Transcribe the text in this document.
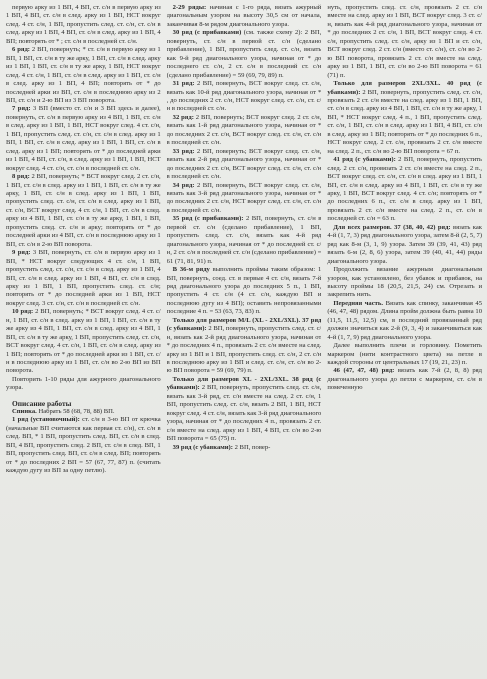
первую арку из 1 ВП, 4 ВП, ст. с/н в первую арку из 1 ВП, 4 ВП, ст. с/н в след. арку из 1 ВП, НСТ вокруг след. 4 ст. с/н, 1 ВП, пропустить след. ст. с/н, ст. с/н в след. арку из 1 ВП, 4 ВП, ст. с/н в след. арку из 1 ВП, 4 ВП; повторять от * ; ст. с/н в последней ст. с/н.

6 ряд: 2 ВП, повернуть; * ст. с/н в первую арку из 1 ВП, 1 ВП, ст. с/н в ту же арку, 1 ВП, ст. с/н в след. арку из 1 ВП, 1 ВП, ст. с/н в ту же арку, 1 ВП, НСТ вокруг след. 4 ст. с/н, 1 ВП, ст. с/н в след. арку из 1 ВП, ст. с/н в след. арку из 1 ВП, 4 ВП; повторять от * до последней арки из ВП, ст. с/н в последнюю арку из 2 ВП, ст. с/н и 2-ю ВП из 3 ВП поворота.

7 ряд: 3 ВП (вместо ст. с/н и 3 ВП здесь и далее), повернуть, ст. с/н в первую арку из 4 ВП, 1 ВП, ст. с/н в след. арку из 1 ВП, 1 ВП, НСТ вокруг след. 4 ст. с/н, 1 ВП, пропустить след. ст. с/н, ст. с/н в след. арку из 1 ВП, 1 ВП, ст. с/н в след. арку из 1 ВП, 1 ВП, ст. с/н в след. арку из 1 ВП; повторять от * до последней арки из 1 ВП, 4 ВП, ст. с/н, в след. арку из 1 ВП, 1 ВП, НСТ вокруг след. 4 ст. с/н, ст. с/н в последней ст. с/н.

8 ряд: 2 ВП, повернуть; * ВСТ вокруг след. 2 ст. с/н, 1 ВП, ст. с/н в след. арку из 1 ВП, 1 ВП, ст. с/н в ту же арку, 1 ВП, ст. с/н в след. арку из 1 ВП, 1 ВП, пропустить след. ст. с/н, ст. с/н в след. арку из 1 ВП, ст. с/н, ВСТ вокруг след. 4 ст. с/н, 1 ВП, ст. с/н в след. арку из 4 ВП, 1 ВП, ст. с/н в ту же арку, 1 ВП, 1 ВП, пропустить след. ст. с/н и арку; повторять от * до последней арки из 4 ВП, ст. с/н в последнюю арку из 1 ВП, ст. с/н в 2-ю ВП поворота.

9 ряд: 3 ВП, повернуть, ст. с/н в первую арку из 1 ВП, * НСТ вокруг следующих 4 ст. с/н, 1 ВП, пропустить след. ст. с/н, ст. с/н в след. арку из 1 ВП, 4 ВП, ст. с/н в след. арку из 1 ВП, 4 ВП, ст. с/н в след. арку из 1 ВП, 1 ВП, пропустить след. ст. с/н; повторять от * до последней арки из 1 ВП, НСТ вокруг след. 3 ст. с/н, ст. с/н в последней ст. с/н.

10 ряд: 2 ВП, повернуть; * ВСТ вокруг след. 4 ст. с/н, 1 ВП, ст. с/н в след. арку из 1 ВП, 1 ВП, ст. с/н в ту же арку из 4 ВП, 1 ВП, ст. с/н в след. арку из 4 ВП, 1 ВП, ст. с/н в ту же арку, 1 ВП, пропустить след. ст. с/н, ВСТ вокруг след. 4 ст. с/н, 1 ВП, ст. с/н в след. арку из 1 ВП; повторять от * до последней арки из 1 ВП, ст. с/н в последнюю арку из 1 ВП, ст. с/н во 2-ю ВП из ВП поворота.

Повторить 1-10 ряды для ажурного диагонального узора.

Описание работы

Спинка. Набрать 58 (68, 78, 88) ВП.

1 ряд (установочный): ст. с/н в 3-ю ВП от крючка (начальные ВП считаются как первая ст. с/н), ст. с/н в след. ВП, * 1 ВП, пропустить след. ВП, ст. с/н в след. ВП, 4 ВП, пропустить след. 2 ВП, ст. с/н в след. ВП, 1 ВП, пропустить след. ВП, ст. с/н в след. ВП; повторять от * до последних 2 ВП = 57 (67, 77, 87) п. (считать каждую дугу из ВП за одну петлю).

2-29 ряды: начиная с 1-го ряда, вязать ажурный диагональным узором на высоту 30,5 см от начала, заканчивая 8-м рядом диагонального узора.

30 ряд (с прибавками) (см. также схему 2): 2 ВП, повернуть, ст. с/н в первой ст. с/н (сделано прибавление), 1 ВП, пропустить след. ст. с/н, вязать как 9-й ряд диагонального узора, начиная от * до последнего ст. с/н, 2 ст. с/н в последний ст. с/н (сделано прибавление) = 59 (69, 79, 89) п.

31 ряд: 2 ВП, повернуть, ВСТ вокруг след. ст. с/н, вязать как 10-й ряд диагонального узора, начиная от * , до последних 2 ст. с/н, НСТ вокруг след. ст. с/н, ст. с/н в последней ст. с/н.

32 ряд: 2 ВП, повернуть; ВСТ вокруг след. 2 ст. с/н, вязать как 1-й ряд диагонального узора, начиная от * до последних 2 ст. с/н, ВСТ вокруг след. ст. с/н, ст. с/н в последней ст. с/н.

33 ряд: 2 ВП, повернуть; ВСТ вокруг след. ст. с/н, вязать как 2-й ряд диагонального узора, начиная от * до последних 2 ст. с/н, ВСТ вокруг след. ст. с/н, ст. с/н в последней ст. с/н.

34 ряд: 2 ВП, повернуть, ВСТ вокруг след. ст. с/н, вязать как 3-й ряд диагонального узора, начиная от * до последних 2 ст. с/н, НСТ вокруг след. ст. с/н, ст. с/н в последней ст. с/н.

35 ряд (с прибавками): 2 ВП, повернуть, ст. с/н в первой ст. с/н (сделано прибавление), 1 ВП, пропустить след. ст. с/н, вязать как 4-й ряд диагонального узора, начиная от * до последней ст. с/н, 2 ст. с/н в последней ст. с/н (сделано прибавление) = 61 (71, 81, 91) п.

В 36-м ряду выполнить проймы таким образом: 1 ВП, повернуть, соед. ст. в первые 4 ст. с/н, вязать 7-й ряд диагонального узора до последних 5 п., 1 ВП, пропустить 4 ст. с/н (4 ст. с/н, каждую ВП и последнюю дугу из 4 ВП); оставить непровязанными последние 4 п. = 53 (63, 73, 83) п.

Только для размеров М/L (XL - 2XL/3XL). 37 ряд (с убавками): 2 ВП, повернуть, пропустить след. ст. с/н, вязать как 2-й ряд диагонального узора, начиная от * до последних 4 п., провязать 2 ст. с/н вместе на след. арку из 1 ВП и 1 ВП, пропустить след. ст. с/н, 2 ст. с/н в последнюю арку из 1 ВП и след. ст. с/н, ст. с/н во 2-ю ВП поворота = 59 (69, 79) п.

Только для размеров XL - 2XL/3XL. 38 ряд (с убавками): 2 ВП, повернуть, пропустить след. ст. с/н, вязать как 3-й ряд, ст. с/н вместе на след. 2 ст. с/н, 1 ВП, пропустить след. ст. с/н, вязать 2 ВП, 1 ВП, НСТ вокруг след. 4 ст. с/н, вязать как 3-й ряд диагонального узора, начиная от * до последних 4 п., провязать 2 ст. с/н вместе на след. арку из 1 ВП, 4 ВП, ст. с/н во 2-ю ВП поворота = 65 (75) п.

39 ряд (с убавками): 2 ВП, повер-

нуть, пропустить след. ст. с/н, провязать 2 ст. с/н вместе на след. арку из 1 ВП, ВСТ вокруг след. 3 ст. с/н, вязать как 4-й ряд диагонального узора, начиная от * до последних 2 ст. с/н, 1 ВП, ВСТ вокруг след. 4 ст. с/н, пропустить след. ст. с/н, арку из 1 ВП и ст. с/н, ВСТ вокруг след. 2 ст. с/н (вместо ст. с/н), ст. с/н во 2-ю ВП поворота, провязать 2 ст. с/н вместе на след. арку из 1 ВП, 1 ВП, ст. с/н во 2-ю ВП поворота = 61 (71) п.

Только для размеров 2XL/3XL. 40 ряд (с убавками): 2 ВП, повернуть, пропустить след. ст. с/н, провязать 2 ст. с/н вместе на след. арку из 1 ВП, 1 ВП, ст. с/н в след. арку из 4 ВП, 1 ВП, ст. с/н в ту же арку, 1 ВП, * НСТ вокруг след. 4 п., 1 ВП, пропустить след. ст. с/н, 1 ВП, ст. с/н в след. арку из 1 ВП, 4 ВП, ст. с/н в след. арку из 1 ВП; повторять от * до последних 6 п., НСТ вокруг след. 2 ст. с/н, провязать 2 ст. с/н вместе на след. 2 п., ст. с/н во 2-ю ВП поворота = 67 п.

41 ряд (с убавками): 2 ВП, повернуть, пропустить след. 2 ст. с/н, провязать 2 ст. с/н вместе на след. 2 п., ВСТ вокруг след. ст. с/н, ст. с/н в след. арку из 1 ВП, 1 ВП, ст. с/н в след. арку из 4 ВП, 1 ВП, ст. с/н в ту же арку, 1 ВП, ВСТ вокруг след. 4 ст. с/н; повторять от * до последних 6 п., ст. с/н в след. арку из 1 ВП, провязать 2 ст. с/н вместе на след. 2 п., ст. с/н в последней ст. с/н = 63 п.

Для всех размеров. 37 (38, 40, 42) ряд: вязать как 4-й (1, 7, 3) ряд диагонального узора, затем 8-й (2, 5, 7) ряд как 8-м (3, 1, 9) узора. Затем 39 (39, 41, 43) ряд вязать 6-м (2, 8, 6) узора, затем 39 (40, 41, 44) ряды диагонального узора.

Продолжить вязание ажурным диагональным узором, как установлено, без убавок и прибавок, на высоту проймы 18 (20,5, 21,5, 24) см. Отрезать и закрепить нить.

Передняя часть. Вязать как спинку, заканчивая 45 (46, 47, 48) рядом. Длина пройм должна быть равна 10 (11,5, 11,5, 12,5) см, в последний провязанный ряд должен значиться как 2-й (9, 3, 4) и заканчиваться как 4-й (1, 7, 9) ряд диагонального узора.

Далее выполнить плечи и горловину. Пометить маркером (нити контрастного цвета) на петле в каждой стороны от центральных 17 (19, 21, 23) п.

46 (47, 47, 48) ряд: вязать как 7-й (2, 8, 8) ряд диагонального узора до петли с маркером, ст. с/н в помеченную
